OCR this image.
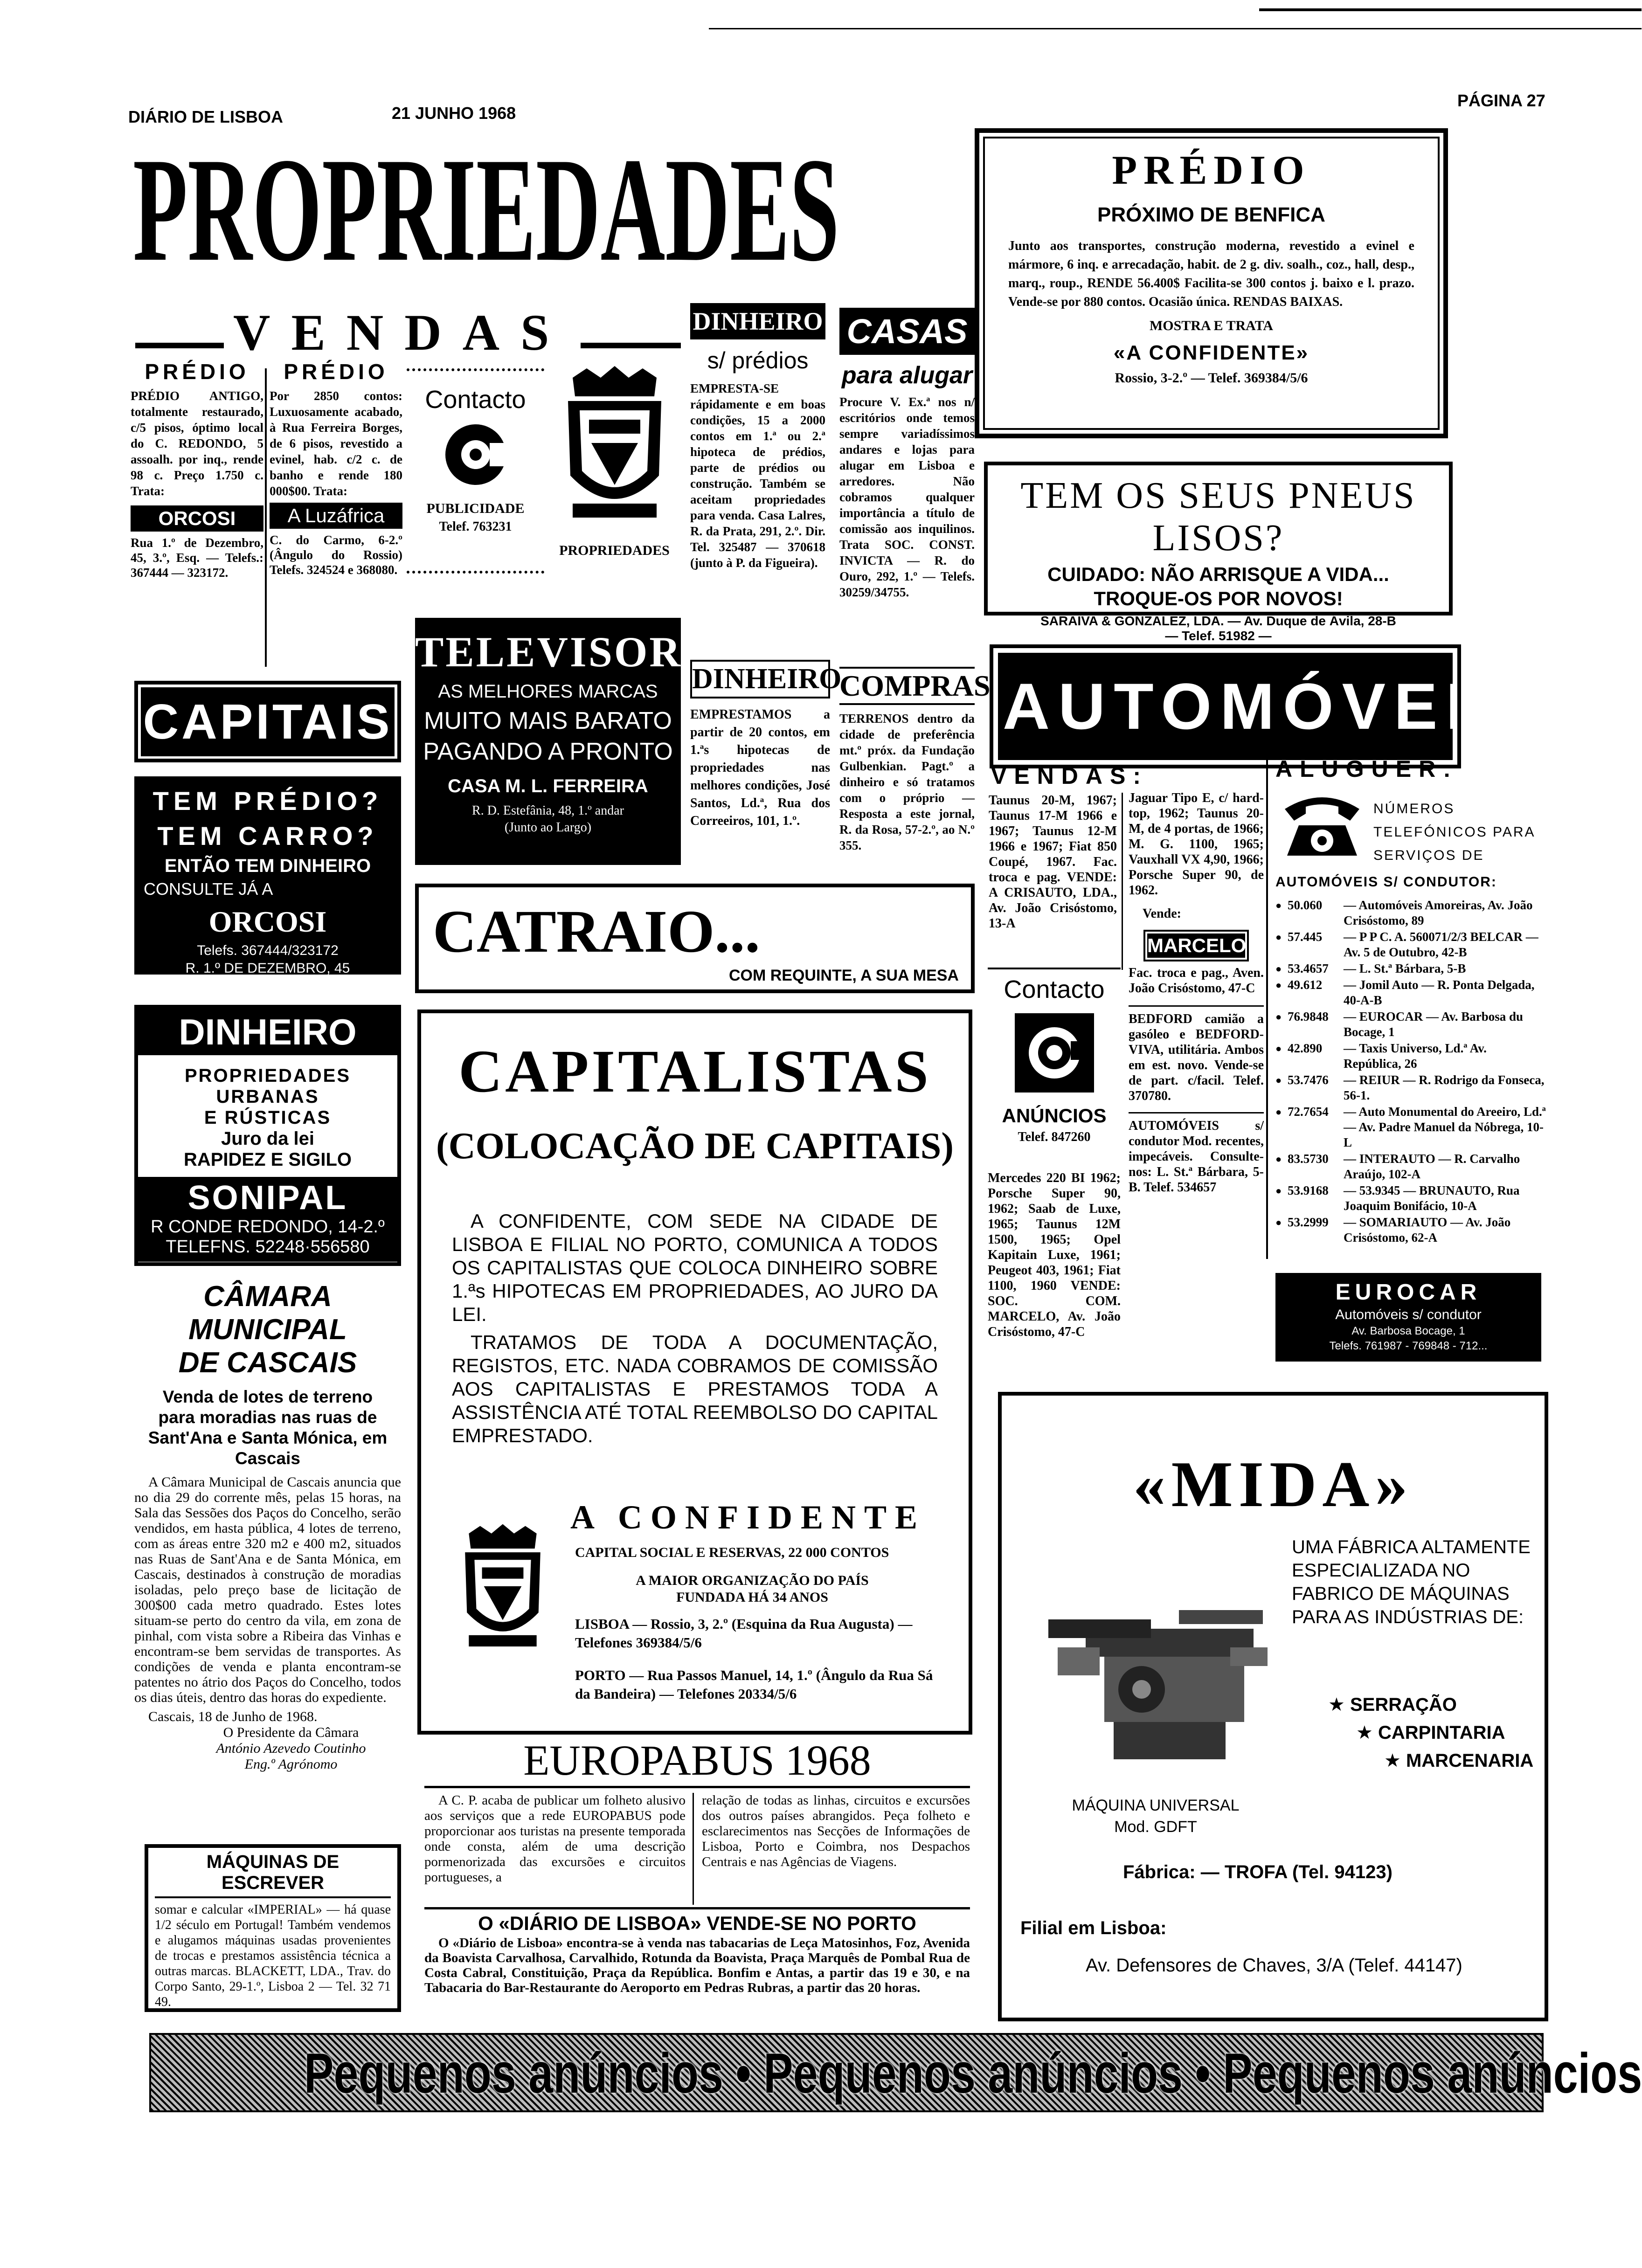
DIÁRIO DE LISBOA	21 JUNHO 1968
PÁGINA 27
PROPRIEDADES
VENDAS
PRÉDIO
PRÉDIO ANTIGO, totalmente restaurado, c/5 pisos, óptimo local do C. REDONDO, 5 assoalh. por inq., rende 98 c. Preço 1.750 c. Trata:
ORCOSI
Rua 1.º de Dezembro, 45, 3.º, Esq. — Telefs.: 367444 — 323172.
PRÉDIO
Por 2850 contos: Luxuosamente acabado, à Rua Ferreira Borges, de 6 pisos, revestido a evinel, hab. c/2 c. de banho e rende 180 000$00. Trata:
A Luzáfrica
C. do Carmo, 6-2.º (Ângulo do Rossio) Telefs. 324524 e 368080.
Contacto
PUBLICIDADE
Telef. 763231
PROPRIEDADES
DINHEIRO
s/ prédios
EMPRESTA-SE rápidamente e em boas condições, 15 a 2000 contos em 1.ª ou 2.ª hipoteca de prédios, parte de prédios ou construção. Também se aceitam propriedades para venda. Casa Lalres, R. da Prata, 291, 2.º. Dir. Tel. 325487 — 370618 (junto à P. da Figueira).
CASAS
para alugar
Procure V. Ex.ª nos n/ escritórios onde temos sempre variadíssimos andares e lojas para alugar em Lisboa e arredores. Não cobramos qualquer importância a título de comissão aos inquilinos. Trata SOC. CONST. INVICTA — R. do Ouro, 292, 1.º — Telefs. 30259/34755.
CAPITAIS
TEM PRÉDIO?
TEM CARRO?
ENTÃO TEM DINHEIRO
CONSULTE JÁ A
ORCOSI
Telefs. 367444/323172
R. 1.º DE DEZEMBRO, 45
TELEVISORES
AS MELHORES MARCAS
MUITO MAIS BARATO
PAGANDO A PRONTO
CASA M. L. FERREIRA
R. D. Estefânia, 48, 1.º andar
(Junto ao Largo)
DINHEIRO
EMPRESTAMOS a partir de 20 contos, em 1.ªs hipotecas de propriedades nas melhores condições, José Santos, Ld.ª, Rua dos Correeiros, 101, 1.º.
COMPRAS
TERRENOS dentro da cidade de preferência mt.º próx. da Fundação Gulbenkian. Pagt.º a dinheiro e só tratamos com o próprio — Resposta a este jornal, R. da Rosa, 57-2.º, ao N.º 355.
CATRAIO...
COM REQUINTE, A SUA MESA
DINHEIRO
PROPRIEDADES
URBANAS
E RÚSTICAS
Juro da lei
RAPIDEZ E SIGILO
SONIPAL
R CONDE REDONDO, 14-2.º
TELEFNS. 52248·556580
CÂMARA MUNICIPAL
DE CASCAIS
Venda de lotes de terreno para moradias nas ruas de Sant'Ana e Santa Mónica, em Cascais
A Câmara Municipal de Cascais anuncia que no dia 29 do corrente mês, pelas 15 horas, na Sala das Sessões dos Paços do Concelho, serão vendidos, em hasta pública, 4 lotes de terreno, com as áreas entre 320 m2 e 400 m2, situados nas Ruas de Sant'Ana e de Santa Mónica, em Cascais, destinados à construção de moradias isoladas, pelo preço base de licitação de 300$00 cada metro quadrado. Estes lotes situam-se perto do centro da vila, em zona de pinhal, com vista sobre a Ribeira das Vinhas e encontram-se bem servidas de transportes. As condições de venda e planta encontram-se patentes no átrio dos Paços do Concelho, todos os dias úteis, dentro das horas do expediente.
Cascais, 18 de Junho de 1968.
O Presidente da Câmara
António Azevedo Coutinho
Eng.º Agrónomo
MÁQUINAS DE ESCREVER
somar e calcular «IMPERIAL» — há quase 1/2 século em Portugal! Também vendemos e alugamos máquinas usadas provenientes de trocas e prestamos assistência técnica a outras marcas. BLACKETT, LDA., Trav. do Corpo Santo, 29-1.º, Lisboa 2 — Tel. 32 71 49.
CAPITALISTAS
(COLOCAÇÃO DE CAPITAIS)
A CONFIDENTE, COM SEDE NA CIDADE DE LISBOA E FILIAL NO PORTO, COMUNICA A TODOS OS CAPITALISTAS QUE COLOCA DINHEIRO SOBRE 1.ªs HIPOTECAS EM PROPRIEDADES, AO JURO DA LEI.
TRATAMOS DE TODA A DOCUMENTAÇÃO, REGISTOS, ETC. NADA COBRAMOS DE COMISSÃO AOS CAPITALISTAS E PRESTAMOS TODA A ASSISTÊNCIA ATÉ TOTAL REEMBOLSO DO CAPITAL EMPRESTADO.
A CONFIDENTE
CAPITAL SOCIAL E RESERVAS, 22 000 CONTOS
A MAIOR ORGANIZAÇÃO DO PAÍS
FUNDADA HÁ 34 ANOS
LISBOA — Rossio, 3, 2.º (Esquina da Rua Augusta) — Telefones 369384/5/6
PORTO — Rua Passos Manuel, 14, 1.º (Ângulo da Rua Sá da Bandeira) — Telefones 20334/5/6
EUROPABUS 1968
A C. P. acaba de publicar um folheto alusivo aos serviços que a rede EUROPABUS pode proporcionar aos turistas na presente temporada onde consta, além de uma descrição pormenorizada das excursões e circuitos portugueses, a
relação de todas as linhas, circuitos e excursões dos outros países abrangidos. Peça folheto e esclarecimentos nas Secções de Informações de Lisboa, Porto e Coimbra, nos Despachos Centrais e nas Agências de Viagens.
O «DIÁRIO DE LISBOA» VENDE-SE NO PORTO
O «Diário de Lisboa» encontra-se à venda nas tabacarias de Leça Matosinhos, Foz, Avenida da Boavista Carvalhosa, Carvalhido, Rotunda da Boavista, Praça Marquês de Pombal Rua de Costa Cabral, Constituição, Praça da República. Bonfim e Antas, a partir das 19 e 30, e na Tabacaria do Bar-Restaurante do Aeroporto em Pedras Rubras, a partir das 20 horas.
PRÉDIO
PRÓXIMO DE BENFICA
Junto aos transportes, construção moderna, revestido a evinel e mármore, 6 inq. e arrecadação, habit. de 2 g. div. soalh., coz., hall, desp., marq., roup., RENDE 56.400$ Facilita-se 300 contos j. baixo e l. prazo. Vende-se por 880 contos. Ocasião única. RENDAS BAIXAS.
MOSTRA E TRATA
«A CONFIDENTE»
Rossio, 3-2.º — Telef. 369384/5/6
TEM OS SEUS PNEUS LISOS?
CUIDADO: NÃO ARRISQUE A VIDA...
TROQUE-OS POR NOVOS!
SARAIVA & GONZALEZ, LDA. — Av. Duque de Ávila, 28-B
— Telef. 51982 —
AUTOMÓVEIS
VENDAS:
Taunus 20-M, 1967; Taunus 17-M 1966 e 1967; Taunus 12-M 1966 e 1967; Fiat 850 Coupé, 1967. Fac. troca e pag. VENDE: A CRISAUTO, LDA., Av. João Crisóstomo, 13-A
Jaguar Tipo E, c/ hard-top, 1962; Taunus 20-M, de 4 portas, de 1966; M. G. 1100, 1965; Vauxhall VX 4,90, 1966; Porsche Super 90, de 1962.
Vende:
MARCELO
Fac. troca e pag., Aven. João Crisóstomo, 47-C
BEDFORD camião a gasóleo e BEDFORD-VIVA, utilitária. Ambos em est. novo. Vende-se de part. c/facil. Telef. 370780.
AUTOMÓVEIS s/ condutor Mod. recentes, impecáveis. Consulte-nos: L. St.ª Bárbara, 5-B. Telef. 534657
Contacto
ANÚNCIOS
Telef. 847260
Mercedes 220 BI 1962; Porsche Super 90, 1962; Saab de Luxe, 1965; Taunus 12M 1500, 1965; Opel Kapitain Luxe, 1961; Peugeot 403, 1961; Fiat 1100, 1960 VENDE: SOC. COM. MARCELO, Av. João Crisóstomo, 47-C
ALUGUER:
NÚMEROS TELEFÓNICOS PARA SERVIÇOS DE
AUTOMÓVEIS S/ CONDUTOR:
● 50.060	— Automóveis Amoreiras, Av. João Crisóstomo, 89
● 57.445	— P P C. A. 560071/2/3 BELCAR — Av. 5 de Outubro, 42-B
● 53.4657	— L. St.ª Bárbara, 5-B
● 49.612	— Jomil Auto — R. Ponta Delgada, 40-A-B
● 76.9848	— EUROCAR — Av. Barbosa du Bocage, 1
● 42.890	— Taxis Universo, Ld.ª Av. República, 26
● 53.7476	— REIUR — R. Rodrigo da Fonseca, 56-1.
● 72.7654	— Auto Monumental do Areeiro, Ld.ª — Av. Padre Manuel da Nóbrega, 10-L
● 83.5730	— INTERAUTO — R. Carvalho Araújo, 102-A
● 53.9168	— 53.9345 — BRUNAUTO, Rua Joaquim Bonifácio, 10-A
● 53.2999	— SOMARIAUTO — Av. João Crisóstomo, 62-A
EUROCAR
Automóveis s/ condutor
Av. Barbosa Bocage, 1
Telefs. 761987 - 769848 - 712...
«MIDA»
UMA FÁBRICA ALTAMENTE ESPECIALIZADA NO FABRICO DE MÁQUINAS PARA AS INDÚSTRIAS DE:
★ SERRAÇÃO
★ CARPINTARIA
★ MARCENARIA
MÁQUINA UNIVERSAL
Mod. GDFT
Fábrica: — TROFA (Tel. 94123)
Filial em Lisboa:
Av. Defensores de Chaves, 3/A (Telef. 44147)
Pequenos anúncios • Pequenos anúncios • Pequenos anúncios
